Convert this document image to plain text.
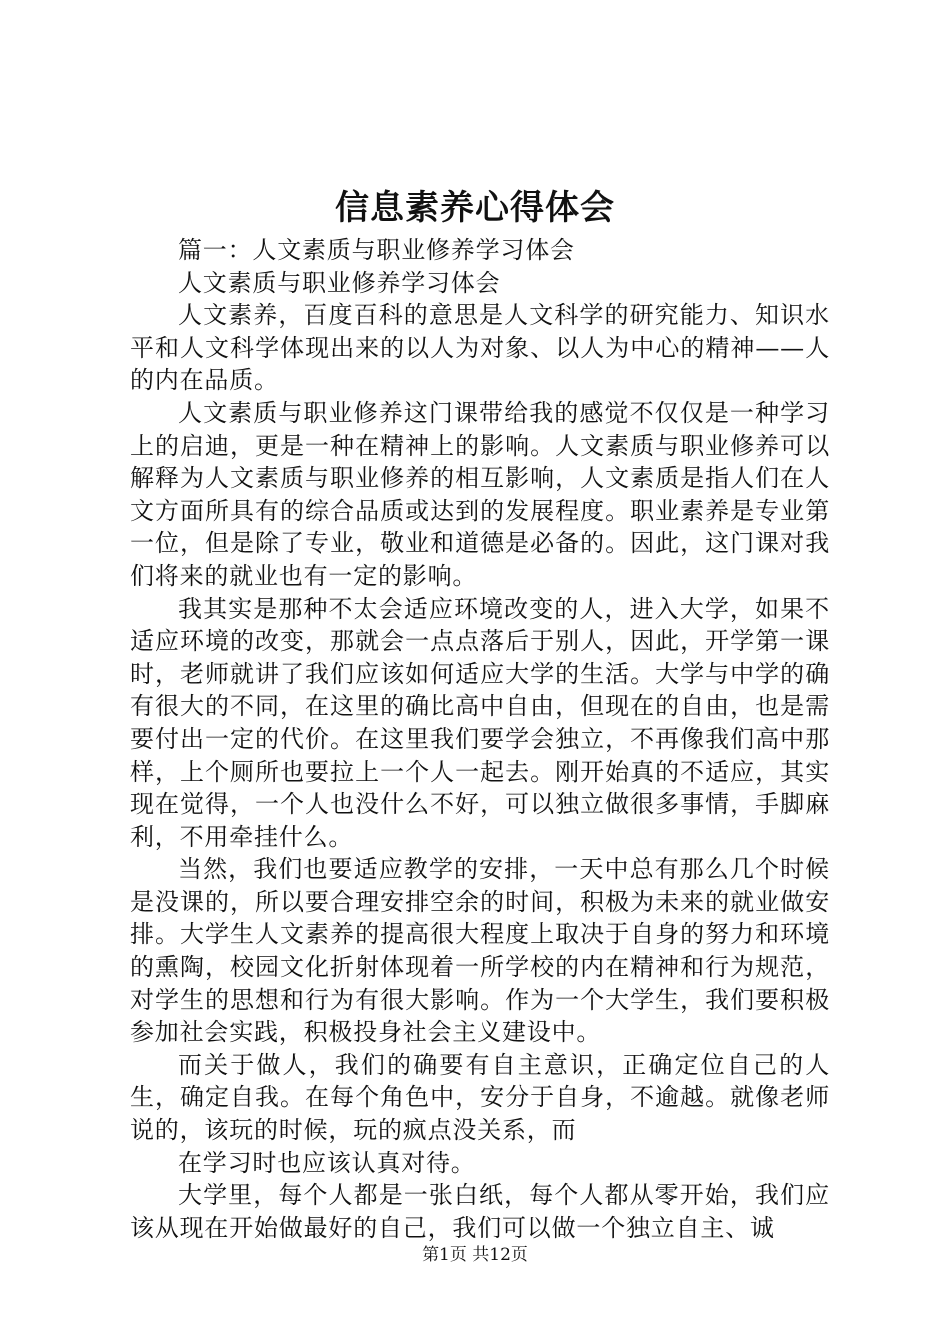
信息素养心得体会

篇一：人文素质与职业修养学习体会

人文素质与职业修养学习体会

人文素养，百度百科的意思是人文科学的研究能力、知识水平和人文科学体现出来的以人为对象、以人为中心的精神——人的内在品质。

人文素质与职业修养这门课带给我的感觉不仅仅是一种学习上的启迪，更是一种在精神上的影响。人文素质与职业修养可以解释为人文素质与职业修养的相互影响，人文素质是指人们在人文方面所具有的综合品质或达到的发展程度。职业素养是专业第一位，但是除了专业，敬业和道德是必备的。因此，这门课对我们将来的就业也有一定的影响。

我其实是那种不太会适应环境改变的人，进入大学，如果不适应环境的改变，那就会一点点落后于别人，因此，开学第一课时，老师就讲了我们应该如何适应大学的生活。大学与中学的确有很大的不同，在这里的确比高中自由，但现在的自由，也是需要付出一定的代价。在这里我们要学会独立，不再像我们高中那样，上个厕所也要拉上一个人一起去。刚开始真的不适应，其实现在觉得，一个人也没什么不好，可以独立做很多事情，手脚麻利，不用牵挂什么。

当然，我们也要适应教学的安排，一天中总有那么几个时候是没课的，所以要合理安排空余的时间，积极为未来的就业做安排。大学生人文素养的提高很大程度上取决于自身的努力和环境的熏陶，校园文化折射体现着一所学校的内在精神和行为规范，对学生的思想和行为有很大影响。作为一个大学生，我们要积极参加社会实践，积极投身社会主义建设中。

而关于做人，我们的确要有自主意识，正确定位自己的人生，确定自我。在每个角色中，安分于自身，不逾越。就像老师说的，该玩的时候，玩的疯点没关系，而

在学习时也应该认真对待。

大学里，每个人都是一张白纸，每个人都从零开始，我们应该从现在开始做最好的自己，我们可以做一个独立自主、诚

第1页 共12页
